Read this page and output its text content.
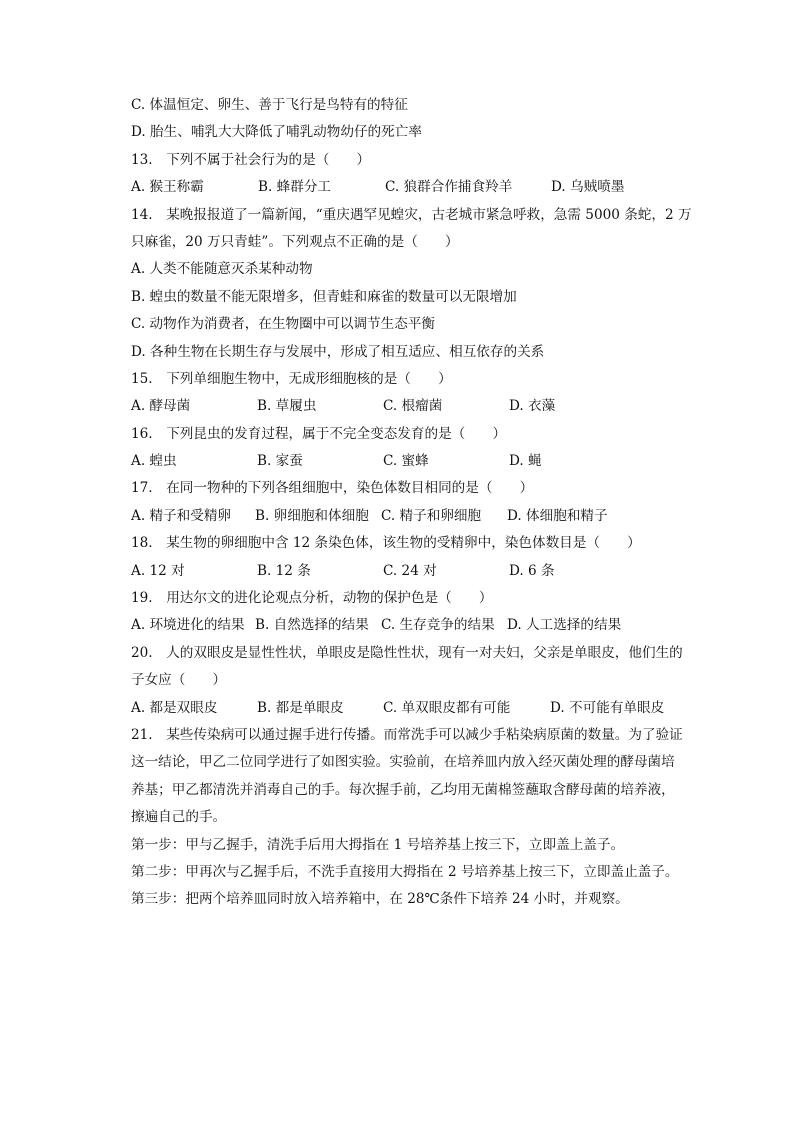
C. 体温恒定、卵生、善于飞行是鸟特有的特征
D. 胎生、哺乳大大降低了哺乳动物幼仔的死亡率
13.　下列不属于社会行为的是（　　）
A. 猴王称霸	B. 蜂群分工	C. 狼群合作捕食羚羊	D. 乌贼喷墨
14.　某晚报报道了一篇新闻，“重庆遇罕见蝗灾，古老城市紧急呼救，急需 5000 条蛇，2 万
只麻雀，20 万只青蛙”。下列观点不正确的是（　　）
A. 人类不能随意灭杀某种动物
B. 蝗虫的数量不能无限增多，但青蛙和麻雀的数量可以无限增加
C. 动物作为消费者，在生物圈中可以调节生态平衡
D. 各种生物在长期生存与发展中，形成了相互适应、相互依存的关系
15.　下列单细胞生物中，无成形细胞核的是（　　）
A. 酵母菌	B. 草履虫	C. 根瘤菌	D. 衣藻
16.　下列昆虫的发育过程，属于不完全变态发育的是（　　）
A. 蝗虫	B. 家蚕	C. 蜜蜂	D. 蝇
17.　在同一物种的下列各组细胞中，染色体数目相同的是（　　）
A. 精子和受精卵	B. 卵细胞和体细胞 C. 精子和卵细胞	D. 体细胞和精子
18.　某生物的卵细胞中含 12 条染色体，该生物的受精卵中，染色体数目是（　　）
A. 12 对	B. 12 条	C. 24 对	D. 6 条
19.　用达尔文的进化论观点分析，动物的保护色是（　　）
A. 环境进化的结果 B. 自然选择的结果 C. 生存竞争的结果 D. 人工选择的结果
20.　人的双眼皮是显性性状，单眼皮是隐性性状，现有一对夫妇，父亲是单眼皮，他们生的
子女应（　　）
A. 都是双眼皮	B. 都是单眼皮	C. 单双眼皮都有可能	D. 不可能有单眼皮
21.　某些传染病可以通过握手进行传播。而常洗手可以减少手粘染病原菌的数量。为了验证
这一结论，甲乙二位同学进行了如图实验。实验前，在培养皿内放入经灭菌处理的酵母菌培
养基；甲乙都清洗并消毒自己的手。每次握手前，乙均用无菌棉签蘸取含酵母菌的培养液，
擦遍自己的手。
第一步：甲与乙握手，清洗手后用大拇指在 1 号培养基上按三下，立即盖上盖子。
第二步：甲再次与乙握手后，不洗手直接用大拇指在 2 号培养基上按三下，立即盖止盖子。
第三步：把两个培养皿同时放入培养箱中，在 28℃条件下培养 24 小时，并观察。
